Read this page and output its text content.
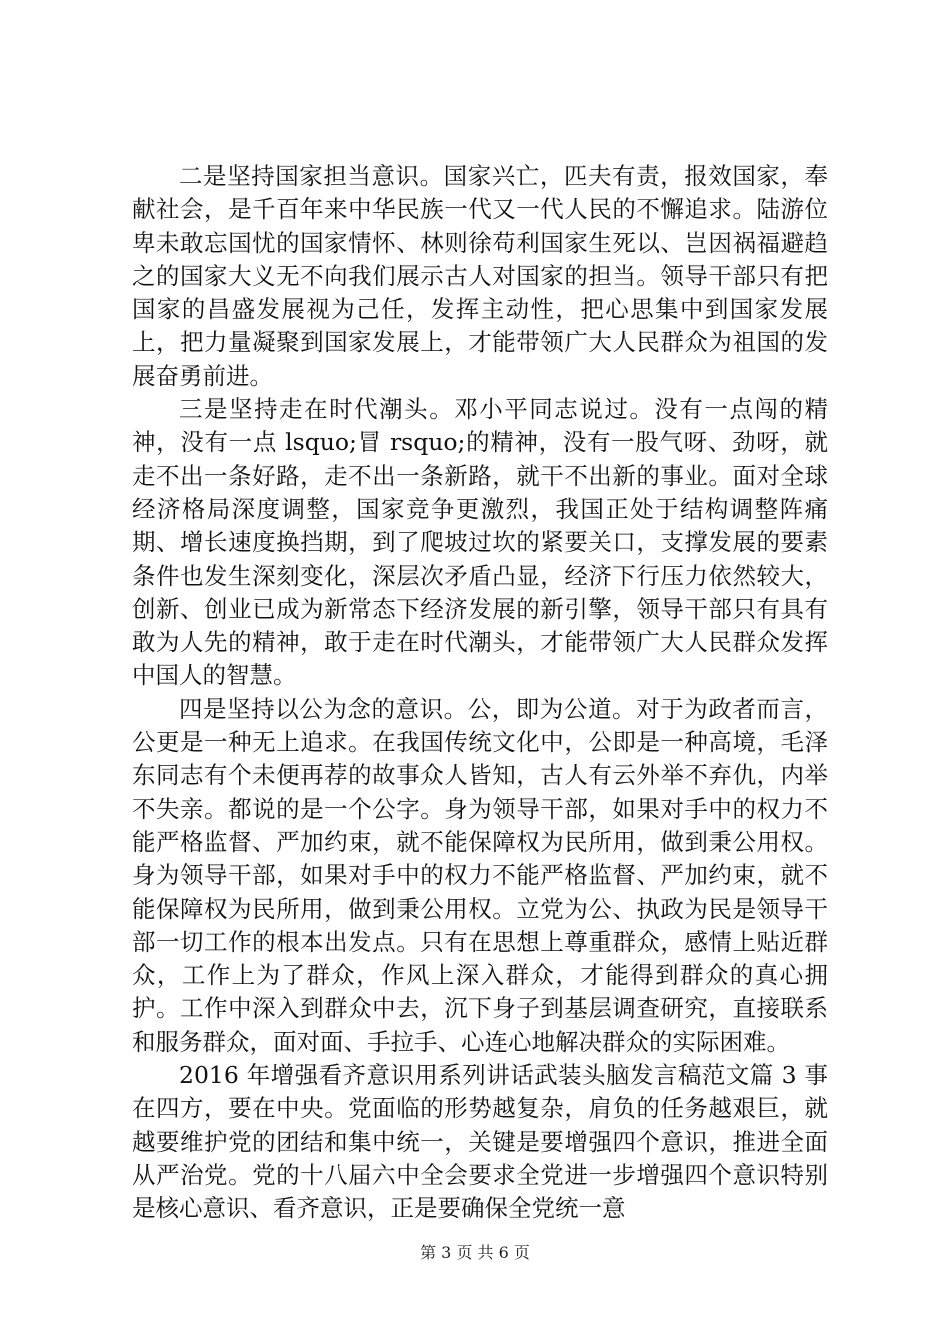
二是坚持国家担当意识。国家兴亡，匹夫有责，报效国家，奉献社会，是千百年来中华民族一代又一代人民的不懈追求。陆游位卑未敢忘国忧的国家情怀、林则徐苟利国家生死以、岂因祸福避趋之的国家大义无不向我们展示古人对国家的担当。领导干部只有把国家的昌盛发展视为己任，发挥主动性，把心思集中到国家发展上，把力量凝聚到国家发展上，才能带领广大人民群众为祖国的发展奋勇前进。

三是坚持走在时代潮头。邓小平同志说过。没有一点闯的精神，没有一点 lsquo;冒 rsquo;的精神，没有一股气呀、劲呀，就走不出一条好路，走不出一条新路，就干不出新的事业。面对全球经济格局深度调整，国家竞争更激烈，我国正处于结构调整阵痛期、增长速度换挡期，到了爬坡过坎的紧要关口，支撑发展的要素条件也发生深刻变化，深层次矛盾凸显，经济下行压力依然较大，创新、创业已成为新常态下经济发展的新引擎，领导干部只有具有敢为人先的精神，敢于走在时代潮头，才能带领广大人民群众发挥中国人的智慧。

四是坚持以公为念的意识。公，即为公道。对于为政者而言，公更是一种无上追求。在我国传统文化中，公即是一种高境，毛泽东同志有个未便再荐的故事众人皆知，古人有云外举不弃仇，内举不失亲。都说的是一个公字。身为领导干部，如果对手中的权力不能严格监督、严加约束，就不能保障权为民所用，做到秉公用权。身为领导干部，如果对手中的权力不能严格监督、严加约束，就不能保障权为民所用，做到秉公用权。立党为公、执政为民是领导干部一切工作的根本出发点。只有在思想上尊重群众，感情上贴近群众，工作上为了群众，作风上深入群众，才能得到群众的真心拥护。工作中深入到群众中去，沉下身子到基层调查研究，直接联系和服务群众，面对面、手拉手、心连心地解决群众的实际困难。

2016 年增强看齐意识用系列讲话武装头脑发言稿范文篇 3 事在四方，要在中央。党面临的形势越复杂，肩负的任务越艰巨，就越要维护党的团结和集中统一，关键是要增强四个意识，推进全面从严治党。党的十八届六中全会要求全党进一步增强四个意识特别是核心意识、看齐意识，正是要确保全党统一意

第 3 页 共 6 页
